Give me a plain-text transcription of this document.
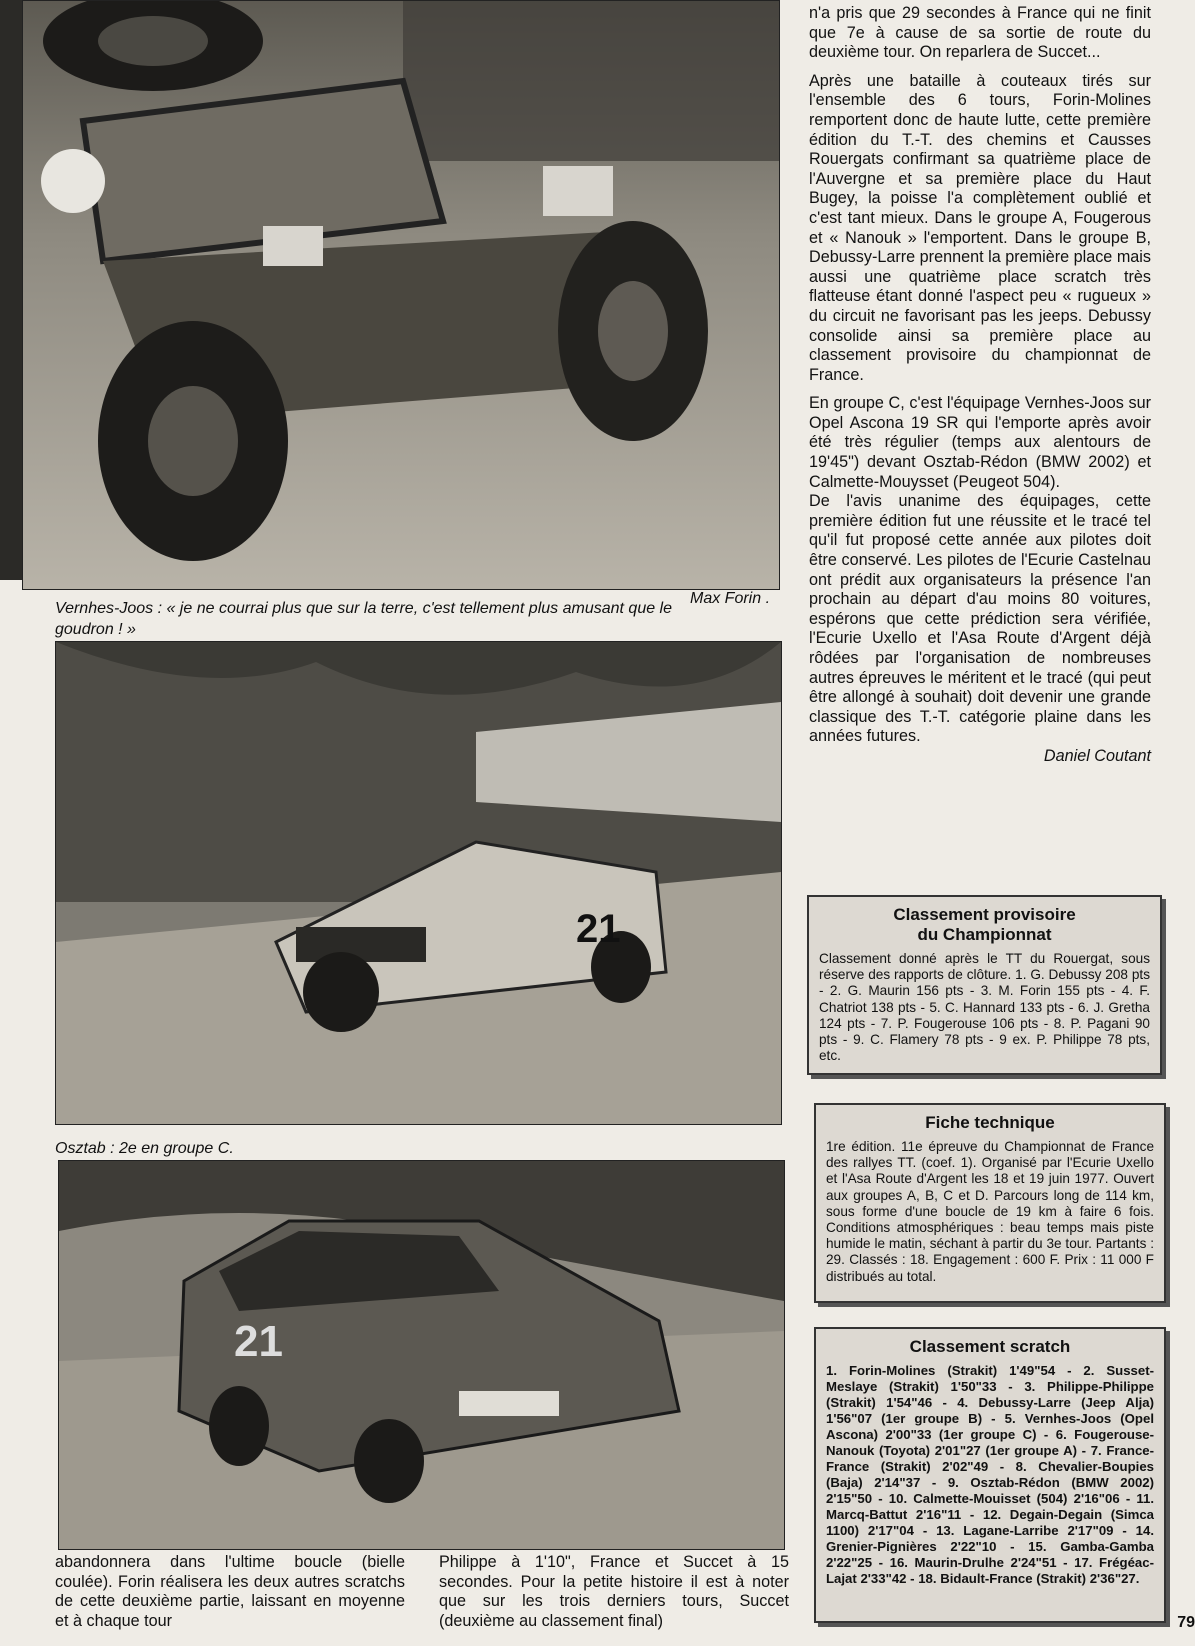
Vernhes-Joos : « je ne courrai plus que sur la terre, c'est tellement plus amusant que le goudron ! »
Max Forin .
21
Osztab : 2e en groupe C.
21
abandonnera dans l'ultime boucle (bielle coulée). Forin réalisera les deux autres scratchs de cette deuxième partie, laissant en moyenne et à chaque tour
Philippe à 1'10", France et Succet à 15 secondes. Pour la petite histoire il est à noter que sur les trois derniers tours, Succet (deuxième au classement final)

n'a pris que 29 secondes à France qui ne finit que 7e à cause de sa sortie de route du deuxième tour. On reparlera de Succet...

Après une bataille à couteaux tirés sur l'ensemble des 6 tours, Forin-Molines remportent donc de haute lutte, cette première édition du T.-T. des chemins et Causses Rouergats confirmant sa quatrième place de l'Auvergne et sa première place du Haut Bugey, la poisse l'a complètement oublié et c'est tant mieux. Dans le groupe A, Fougerous et « Nanouk » l'emportent. Dans le groupe B, Debussy-Larre prennent la première place mais aussi une quatrième place scratch très flatteuse étant donné l'aspect peu « rugueux » du circuit ne favorisant pas les jeeps. Debussy consolide ainsi sa première place au classement provisoire du championnat de France.

En groupe C, c'est l'équipage Vernhes-Joos sur Opel Ascona 19 SR qui l'emporte après avoir été très régulier (temps aux alentours de 19'45") devant Osztab-Rédon (BMW 2002) et Calmette-Mouysset (Peugeot 504).

De l'avis unanime des équipages, cette première édition fut une réussite et le tracé tel qu'il fut proposé cette année aux pilotes doit être conservé. Les pilotes de l'Ecurie Castelnau ont prédit aux organisateurs la présence l'an prochain au départ d'au moins 80 voitures, espérons que cette prédiction sera vérifiée, l'Ecurie Uxello et l'Asa Route d'Argent déjà rôdées par l'organisation de nombreuses autres épreuves le méritent et le tracé (qui peut être allongé à souhait) doit devenir une grande classique des T.-T. catégorie plaine dans les années futures.

Daniel Coutant

Classement provisoire
du Championnat
Classement donné après le TT du Rouergat, sous réserve des rapports de clôture. 1. G. Debussy 208 pts - 2. G. Maurin 156 pts - 3. M. Forin 155 pts - 4. F. Chatriot 138 pts - 5. C. Hannard 133 pts - 6. J. Gretha 124 pts - 7. P. Fougerouse 106 pts - 8. P. Pagani 90 pts - 9. C. Flamery 78 pts - 9 ex. P. Philippe 78 pts, etc.
Fiche technique
1re édition. 11e épreuve du Championnat de France des rallyes TT. (coef. 1). Organisé par l'Ecurie Uxello et l'Asa Route d'Argent les 18 et 19 juin 1977. Ouvert aux groupes A, B, C et D. Parcours long de 114 km, sous forme d'une boucle de 19 km à faire 6 fois. Conditions atmosphériques : beau temps mais piste humide le matin, séchant à partir du 3e tour. Partants : 29. Classés : 18. Engagement : 600 F. Prix : 11 000 F distribués au total.
Classement scratch
1. Forin-Molines (Strakit) 1'49"54 - 2. Susset-Meslaye (Strakit) 1'50"33 - 3. Philippe-Philippe (Strakit) 1'54"46 - 4. Debussy-Larre (Jeep Alja) 1'56"07 (1er groupe B) - 5. Vernhes-Joos (Opel Ascona) 2'00"33 (1er groupe C) - 6. Fougerouse-Nanouk (Toyota) 2'01"27 (1er groupe A) - 7. France-France (Strakit) 2'02"49 - 8. Chevalier-Boupies (Baja) 2'14"37 - 9. Osztab-Rédon (BMW 2002) 2'15"50 - 10. Calmette-Mouisset (504) 2'16"06 - 11. Marcq-Battut 2'16"11 - 12. Degain-Degain (Simca 1100) 2'17"04 - 13. Lagane-Larribe 2'17"09 - 14. Grenier-Pignières 2'22"10 - 15. Gamba-Gamba 2'22"25 - 16. Maurin-Drulhe 2'24"51 - 17. Frégéac-Lajat 2'33"42 - 18. Bidault-France (Strakit) 2'36"27.
79
